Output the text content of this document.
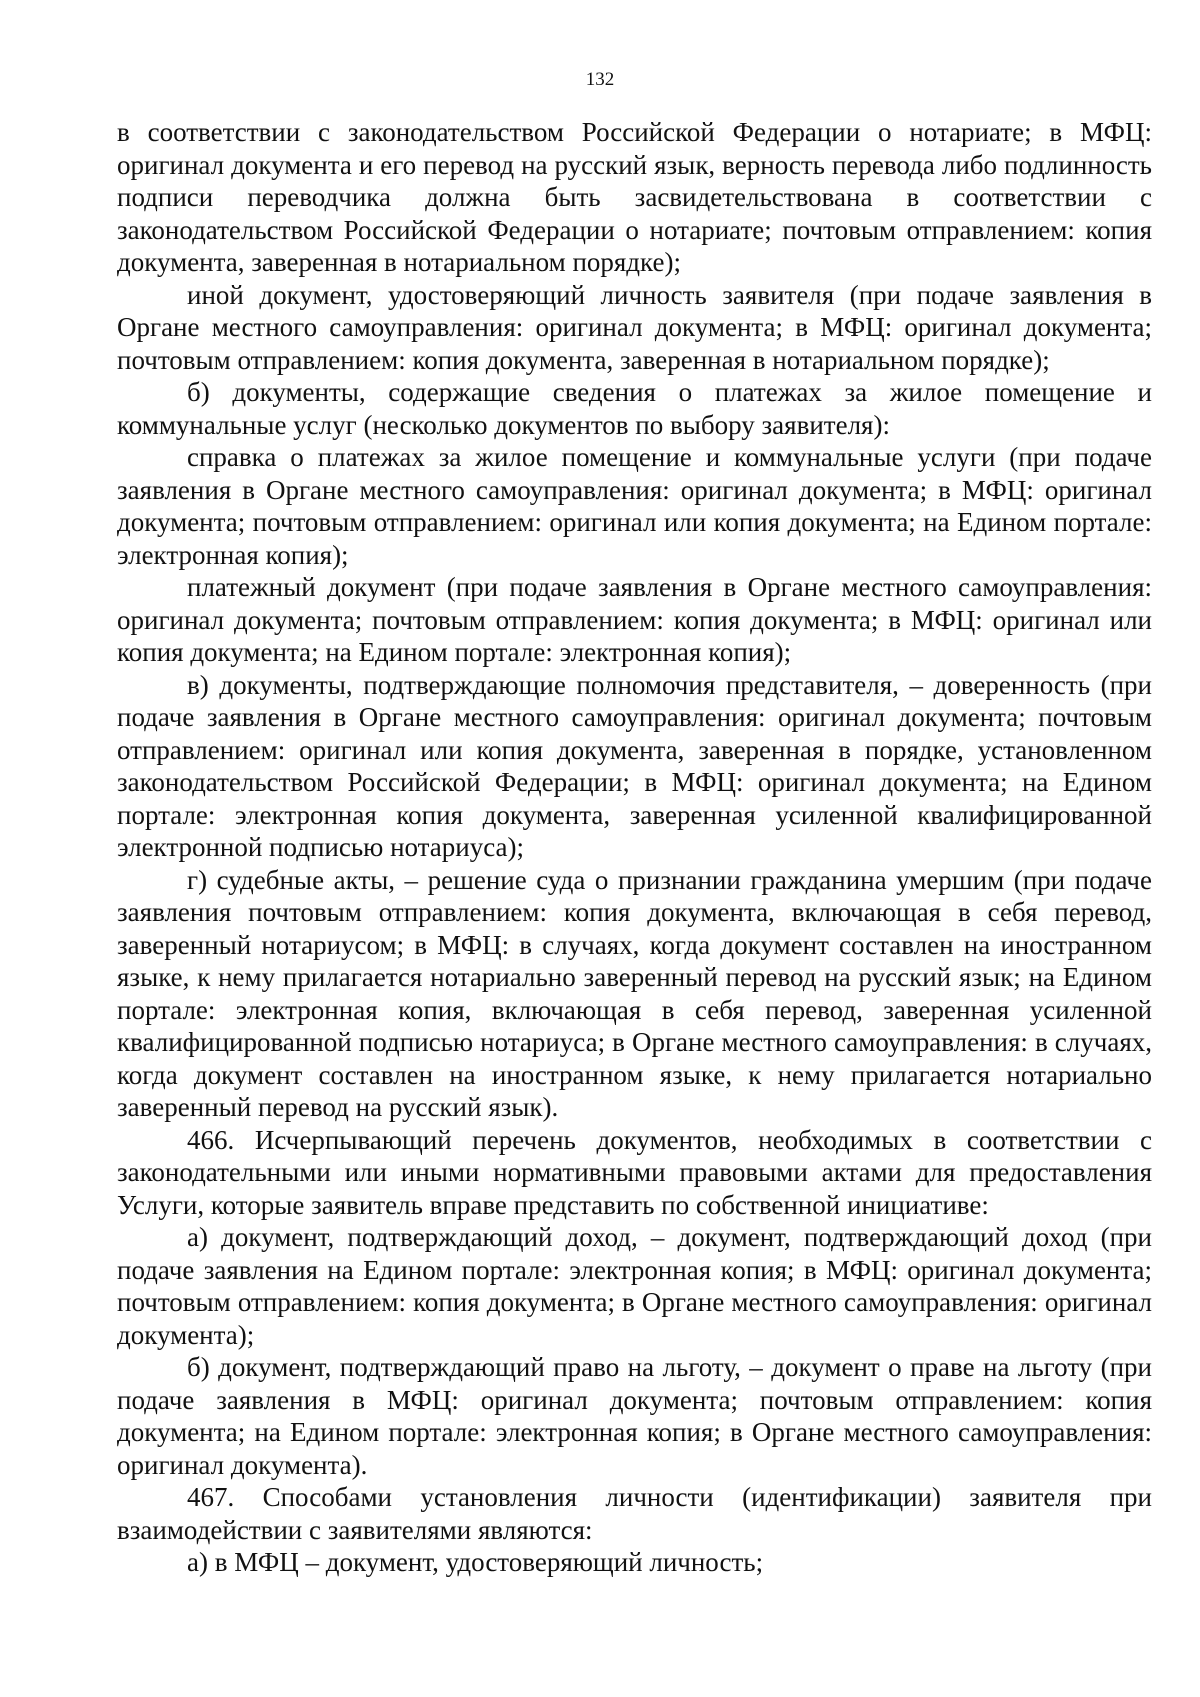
132

в соответствии с законодательством Российской Федерации о нотариате; в МФЦ: оригинал документа и его перевод на русский язык, верность перевода либо подлинность подписи переводчика должна быть засвидетельствована в соответствии с законодательством Российской Федерации о нотариате; почтовым отправлением: копия документа, заверенная в нотариальном порядке);

иной документ, удостоверяющий личность заявителя (при подаче заявления в Органе местного самоуправления: оригинал документа; в МФЦ: оригинал документа; почтовым отправлением: копия документа, заверенная в нотариальном порядке);

б) документы, содержащие сведения о платежах за жилое помещение и коммунальные услуг (несколько документов по выбору заявителя):

справка о платежах за жилое помещение и коммунальные услуги (при подаче заявления в Органе местного самоуправления: оригинал документа; в МФЦ: оригинал документа; почтовым отправлением: оригинал или копия документа; на Едином портале: электронная копия);

платежный документ (при подаче заявления в Органе местного самоуправления: оригинал документа; почтовым отправлением: копия документа; в МФЦ: оригинал или копия документа; на Едином портале: электронная копия);

в) документы, подтверждающие полномочия представителя, – доверенность (при подаче заявления в Органе местного самоуправления: оригинал документа; почтовым отправлением: оригинал или копия документа, заверенная в порядке, установленном законодательством Российской Федерации; в МФЦ: оригинал документа; на Едином портале: электронная копия документа, заверенная усиленной квалифицированной электронной подписью нотариуса);

г) судебные акты, – решение суда о признании гражданина умершим (при подаче заявления почтовым отправлением: копия документа, включающая в себя перевод, заверенный нотариусом; в МФЦ: в случаях, когда документ составлен на иностранном языке, к нему прилагается нотариально заверенный перевод на русский язык; на Едином портале: электронная копия, включающая в себя перевод, заверенная усиленной квалифицированной подписью нотариуса; в Органе местного самоуправления: в случаях, когда документ составлен на иностранном языке, к нему прилагается нотариально заверенный перевод на русский язык).

466. Исчерпывающий перечень документов, необходимых в соответствии с законодательными или иными нормативными правовыми актами для предоставления Услуги, которые заявитель вправе представить по собственной инициативе:

а) документ, подтверждающий доход, – документ, подтверждающий доход (при подаче заявления на Едином портале: электронная копия; в МФЦ: оригинал документа; почтовым отправлением: копия документа; в Органе местного самоуправления: оригинал документа);

б) документ, подтверждающий право на льготу, – документ о праве на льготу (при подаче заявления в МФЦ: оригинал документа; почтовым отправлением: копия документа; на Едином портале: электронная копия; в Органе местного самоуправления: оригинал документа).

467. Способами установления личности (идентификации) заявителя при взаимодействии с заявителями являются:

а) в МФЦ – документ, удостоверяющий личность;
